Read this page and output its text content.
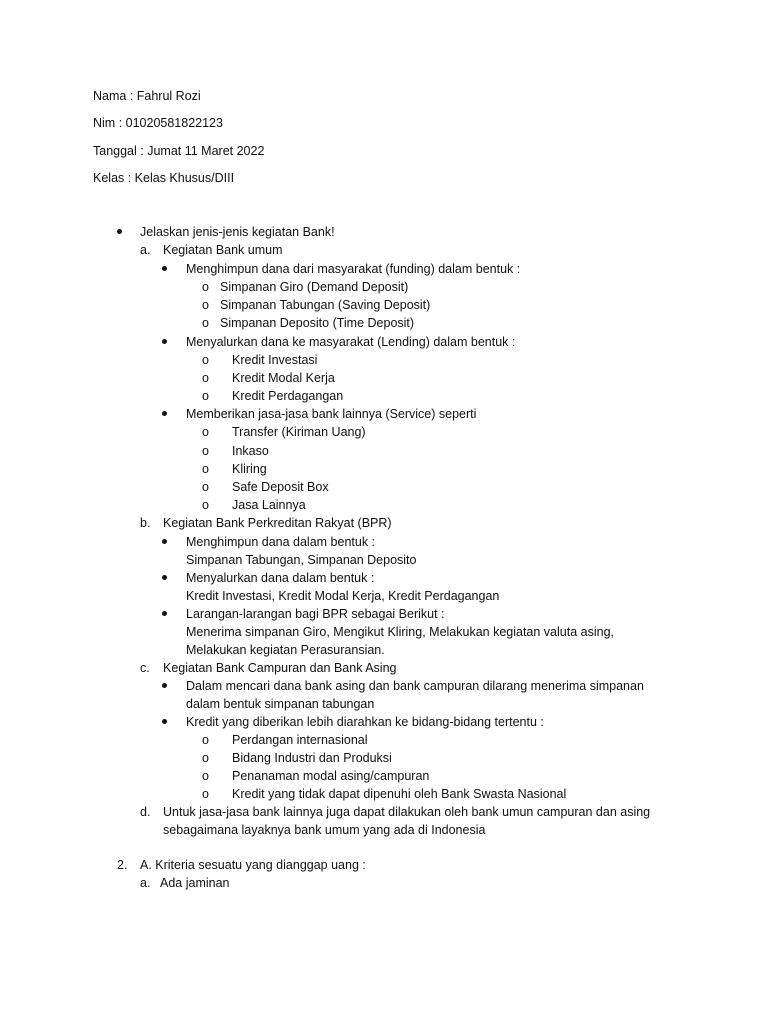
Nama : Fahrul Rozi
Nim : 01020581822123
Tanggal : Jumat 11 Maret 2022
Kelas : Kelas Khusus/DIII
Jelaskan jenis-jenis kegiatan Bank!
a. Kegiatan Bank umum
Menghimpun dana dari masyarakat (funding) dalam bentuk :
o Simpanan Giro (Demand Deposit)
o Simpanan Tabungan (Saving Deposit)
o Simpanan Deposito (Time Deposit)
Menyalurkan dana ke masyarakat (Lending) dalam bentuk :
o Kredit Investasi
o Kredit Modal Kerja
o Kredit Perdagangan
Memberikan jasa-jasa bank lainnya (Service) seperti
o Transfer (Kiriman Uang)
o Inkaso
o Kliring
o Safe Deposit Box
o Jasa Lainnya
b. Kegiatan Bank Perkreditan Rakyat (BPR)
Menghimpun dana dalam bentuk :
Simpanan Tabungan, Simpanan Deposito
Menyalurkan dana dalam bentuk :
Kredit Investasi, Kredit Modal Kerja, Kredit Perdagangan
Larangan-larangan bagi BPR sebagai Berikut :
Menerima simpanan Giro, Mengikut Kliring, Melakukan kegiatan valuta asing,
Melakukan kegiatan Perasuransian.
c. Kegiatan Bank Campuran dan Bank Asing
Dalam mencari dana bank asing dan bank campuran dilarang menerima simpanan
dalam bentuk simpanan tabungan
Kredit yang diberikan lebih diarahkan ke bidang-bidang tertentu :
o Perdangan internasional
o Bidang Industri dan Produksi
o Penanaman modal asing/campuran
o Kredit yang tidak dapat dipenuhi oleh Bank Swasta Nasional
d. Untuk jasa-jasa bank lainnya juga dapat dilakukan oleh bank umun campuran dan asing
sebagaimana layaknya bank umum yang ada di Indonesia
2. A. Kriteria sesuatu yang dianggap uang :
a. Ada jaminan
